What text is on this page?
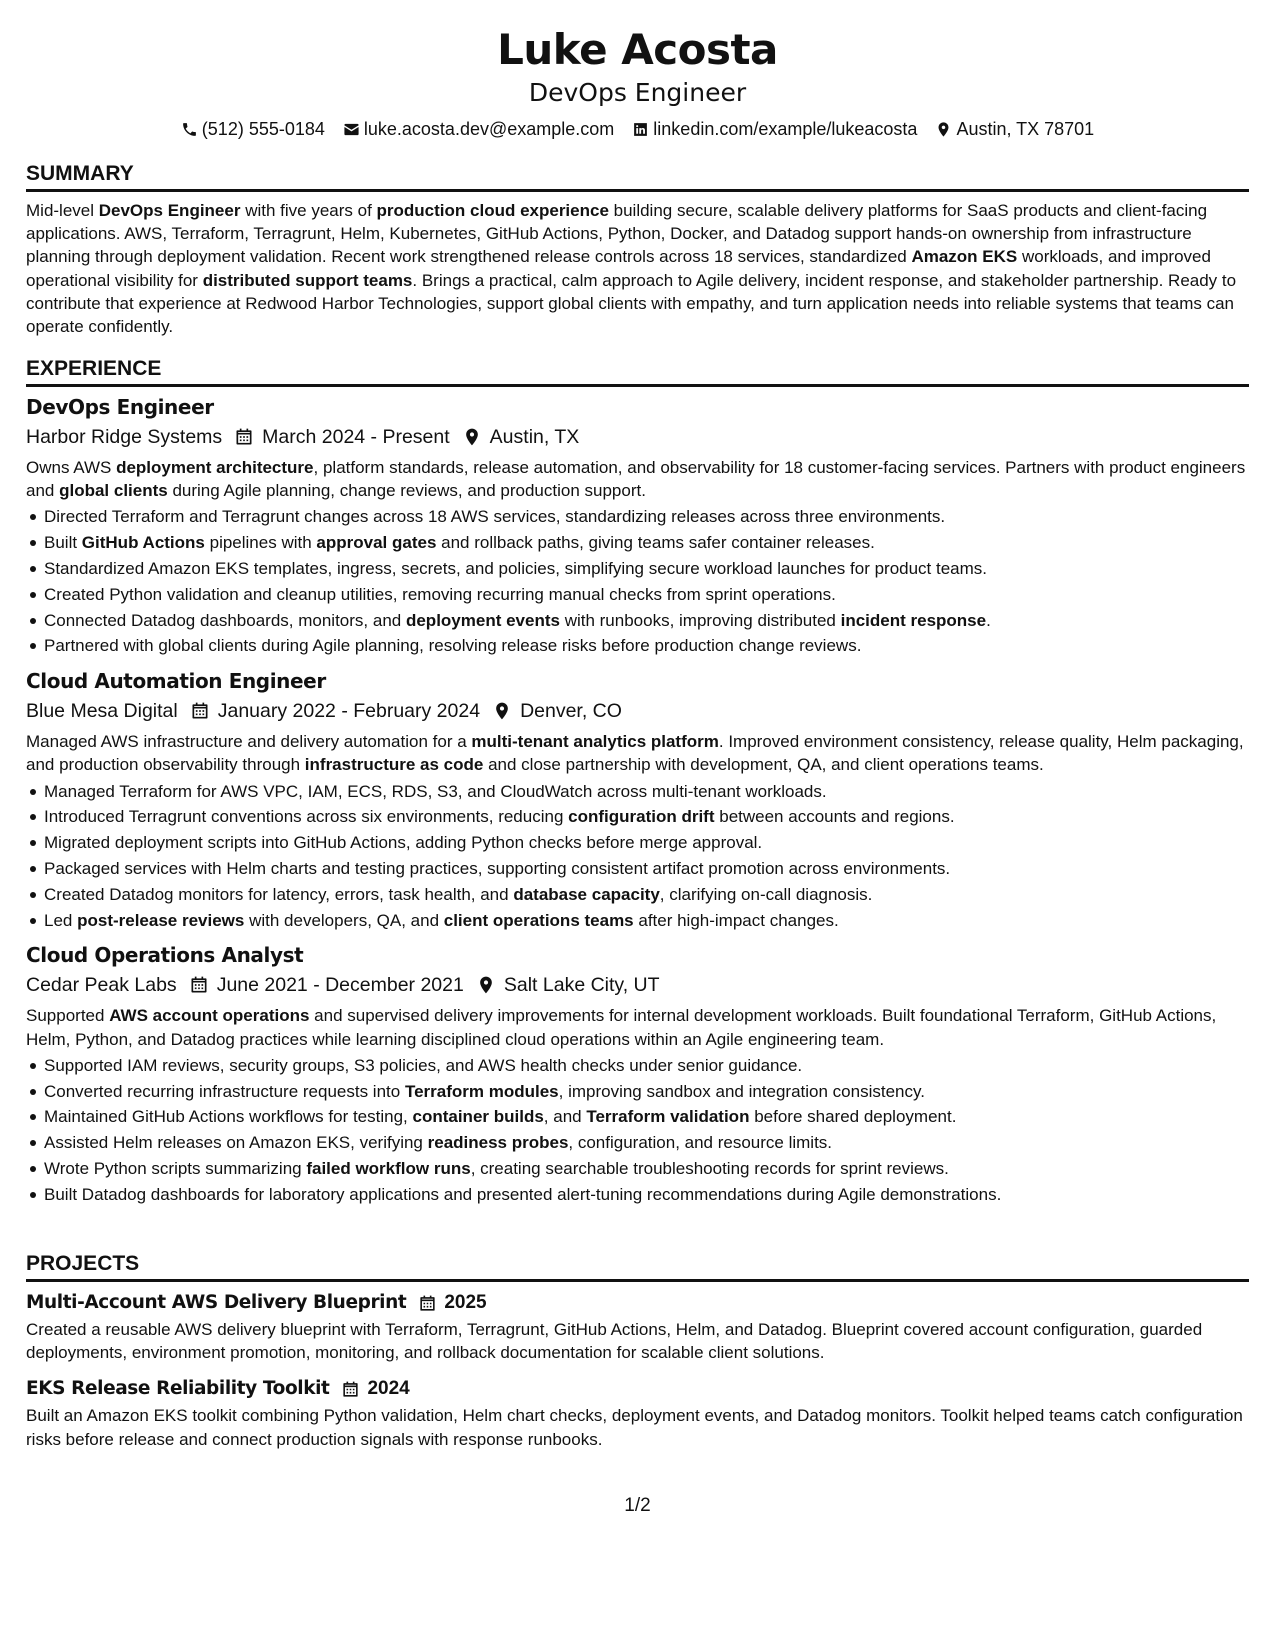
Luke Acosta
DevOps Engineer
(512) 555-0184 luke.acosta.dev@example.com linkedin.com/example/lukeacosta Austin, TX 78701
SUMMARY
Mid-level DevOps Engineer with five years of production cloud experience building secure, scalable delivery platforms for SaaS products and client-facing applications. AWS, Terraform, Terragrunt, Helm, Kubernetes, GitHub Actions, Python, Docker, and Datadog support hands-on ownership from infrastructure planning through deployment validation. Recent work strengthened release controls across 18 services, standardized Amazon EKS workloads, and improved operational visibility for distributed support teams. Brings a practical, calm approach to Agile delivery, incident response, and stakeholder partnership. Ready to contribute that experience at Redwood Harbor Technologies, support global clients with empathy, and turn application needs into reliable systems that teams can operate confidently.
EXPERIENCE
DevOps Engineer
Harbor Ridge Systems March 2024 - Present Austin, TX
Owns AWS deployment architecture, platform standards, release automation, and observability for 18 customer-facing services. Partners with product engineers and global clients during Agile planning, change reviews, and production support.
Directed Terraform and Terragrunt changes across 18 AWS services, standardizing releases across three environments.
Built GitHub Actions pipelines with approval gates and rollback paths, giving teams safer container releases.
Standardized Amazon EKS templates, ingress, secrets, and policies, simplifying secure workload launches for product teams.
Created Python validation and cleanup utilities, removing recurring manual checks from sprint operations.
Connected Datadog dashboards, monitors, and deployment events with runbooks, improving distributed incident response.
Partnered with global clients during Agile planning, resolving release risks before production change reviews.
Cloud Automation Engineer
Blue Mesa Digital January 2022 - February 2024 Denver, CO
Managed AWS infrastructure and delivery automation for a multi-tenant analytics platform. Improved environment consistency, release quality, Helm packaging, and production observability through infrastructure as code and close partnership with development, QA, and client operations teams.
Managed Terraform for AWS VPC, IAM, ECS, RDS, S3, and CloudWatch across multi-tenant workloads.
Introduced Terragrunt conventions across six environments, reducing configuration drift between accounts and regions.
Migrated deployment scripts into GitHub Actions, adding Python checks before merge approval.
Packaged services with Helm charts and testing practices, supporting consistent artifact promotion across environments.
Created Datadog monitors for latency, errors, task health, and database capacity, clarifying on-call diagnosis.
Led post-release reviews with developers, QA, and client operations teams after high-impact changes.
Cloud Operations Analyst
Cedar Peak Labs June 2021 - December 2021 Salt Lake City, UT
Supported AWS account operations and supervised delivery improvements for internal development workloads. Built foundational Terraform, GitHub Actions, Helm, Python, and Datadog practices while learning disciplined cloud operations within an Agile engineering team.
Supported IAM reviews, security groups, S3 policies, and AWS health checks under senior guidance.
Converted recurring infrastructure requests into Terraform modules, improving sandbox and integration consistency.
Maintained GitHub Actions workflows for testing, container builds, and Terraform validation before shared deployment.
Assisted Helm releases on Amazon EKS, verifying readiness probes, configuration, and resource limits.
Wrote Python scripts summarizing failed workflow runs, creating searchable troubleshooting records for sprint reviews.
Built Datadog dashboards for laboratory applications and presented alert-tuning recommendations during Agile demonstrations.
PROJECTS
Multi-Account AWS Delivery Blueprint 2025
Created a reusable AWS delivery blueprint with Terraform, Terragrunt, GitHub Actions, Helm, and Datadog. Blueprint covered account configuration, guarded deployments, environment promotion, monitoring, and rollback documentation for scalable client solutions.
EKS Release Reliability Toolkit 2024
Built an Amazon EKS toolkit combining Python validation, Helm chart checks, deployment events, and Datadog monitors. Toolkit helped teams catch configuration risks before release and connect production signals with response runbooks.
1/2
